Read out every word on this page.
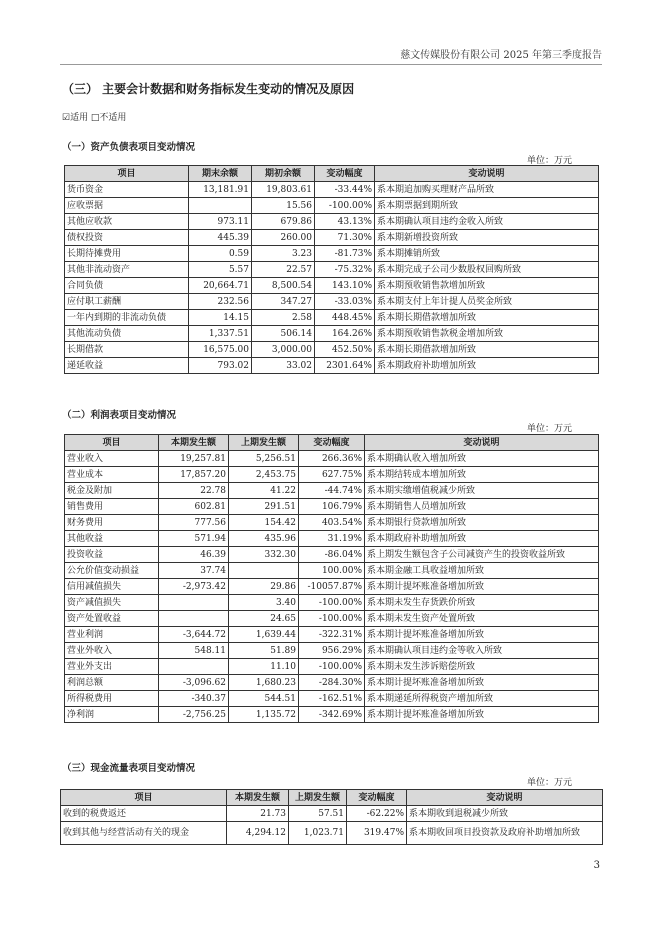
慈文传媒股份有限公司 2025 年第三季度报告
（三） 主要会计数据和财务指标发生变动的情况及原因
☑适用 □不适用
（一）资产负债表项目变动情况
单位：万元
项目	期末余额	期初余额	变动幅度	变动说明
货币资金	13,181.91	19,803.61	-33.44%	系本期追加购买理财产品所致
应收票据		15.56	-100.00%	系本期票据到期所致
其他应收款	973.11	679.86	43.13%	系本期确认项目违约金收入所致
债权投资	445.39	260.00	71.30%	系本期新增投资所致
长期待摊费用	0.59	3.23	-81.73%	系本期摊销所致
其他非流动资产	5.57	22.57	-75.32%	系本期完成子公司少数股权回购所致
合同负债	20,664.71	8,500.54	143.10%	系本期预收销售款增加所致
应付职工薪酬	232.56	347.27	-33.03%	系本期支付上年计提人员奖金所致
一年内到期的非流动负债	14.15	2.58	448.45%	系本期长期借款增加所致
其他流动负债	1,337.51	506.14	164.26%	系本期预收销售款税金增加所致
长期借款	16,575.00	3,000.00	452.50%	系本期长期借款增加所致
递延收益	793.02	33.02	2301.64%	系本期政府补助增加所致
（二）利润表项目变动情况
单位：万元
项目	本期发生额	上期发生额	变动幅度	变动说明
营业收入	19,257.81	5,256.51	266.36%	系本期确认收入增加所致
营业成本	17,857.20	2,453.75	627.75%	系本期结转成本增加所致
税金及附加	22.78	41.22	-44.74%	系本期实缴增值税减少所致
销售费用	602.81	291.51	106.79%	系本期销售人员增加所致
财务费用	777.56	154.42	403.54%	系本期银行贷款增加所致
其他收益	571.94	435.96	31.19%	系本期政府补助增加所致
投资收益	46.39	332.30	-86.04%	系上期发生额包含子公司减资产生的投资收益所致
公允价值变动损益	37.74		100.00%	系本期金融工具收益增加所致
信用减值损失	-2,973.42	29.86	-10057.87%	系本期计提坏账准备增加所致
资产减值损失		3.40	-100.00%	系本期未发生存货跌价所致
资产处置收益		24.65	-100.00%	系本期未发生资产处置所致
营业利润	-3,644.72	1,639.44	-322.31%	系本期计提坏账准备增加所致
营业外收入	548.11	51.89	956.29%	系本期确认项目违约金等收入所致
营业外支出		11.10	-100.00%	系本期未发生涉诉赔偿所致
利润总额	-3,096.62	1,680.23	-284.30%	系本期计提坏账准备增加所致
所得税费用	-340.37	544.51	-162.51%	系本期递延所得税资产增加所致
净利润	-2,756.25	1,135.72	-342.69%	系本期计提坏账准备增加所致
（三）现金流量表项目变动情况
单位：万元
项目	本期发生额	上期发生额	变动幅度	变动说明
收到的税费返还	21.73	57.51	-62.22%	系本期收到退税减少所致
收到其他与经营活动有关的现金	4,294.12	1,023.71	319.47%	系本期收回项目投资款及政府补助增加所致
3
